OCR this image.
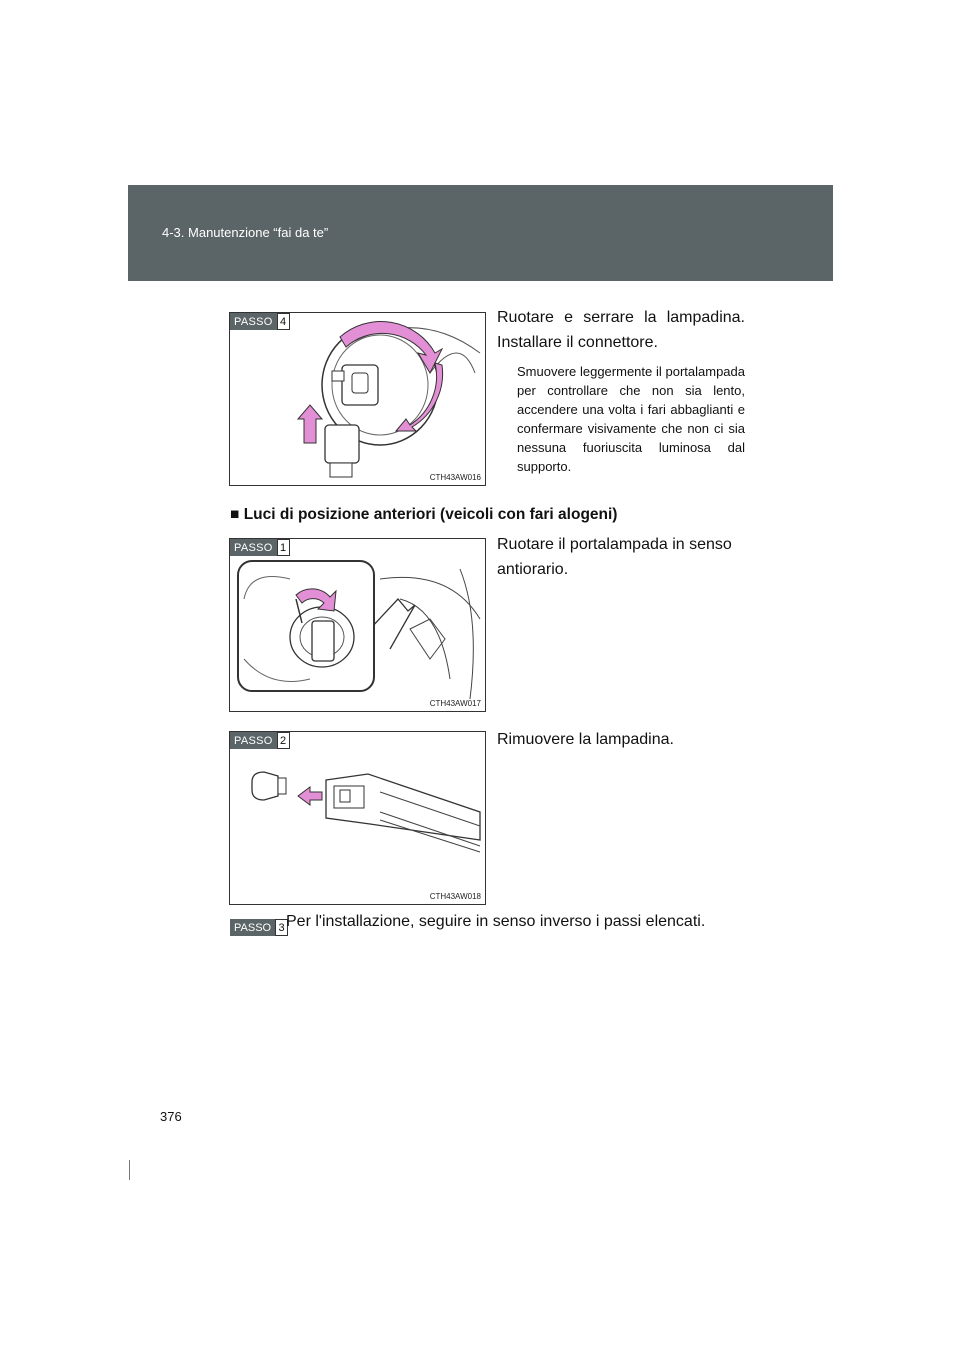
4-3. Manutenzione “fai da te”
PASSO 4
CTH43AW016
Ruotare e serrare la lampadina. Installare il connettore.
Smuovere leggermente il portalampada per controllare che non sia lento, accendere una volta i fari abbaglianti e confermare visivamente che non ci sia nessuna fuoriuscita luminosa dal supporto.
■ Luci di posizione anteriori (veicoli con fari alogeni)
PASSO 1
CTH43AW017
Ruotare il portalampada in senso antiorario.
PASSO 2
CTH43AW018
Rimuovere la lampadina.
PASSO 3 Per l'installazione, seguire in senso inverso i passi elencati.
376
